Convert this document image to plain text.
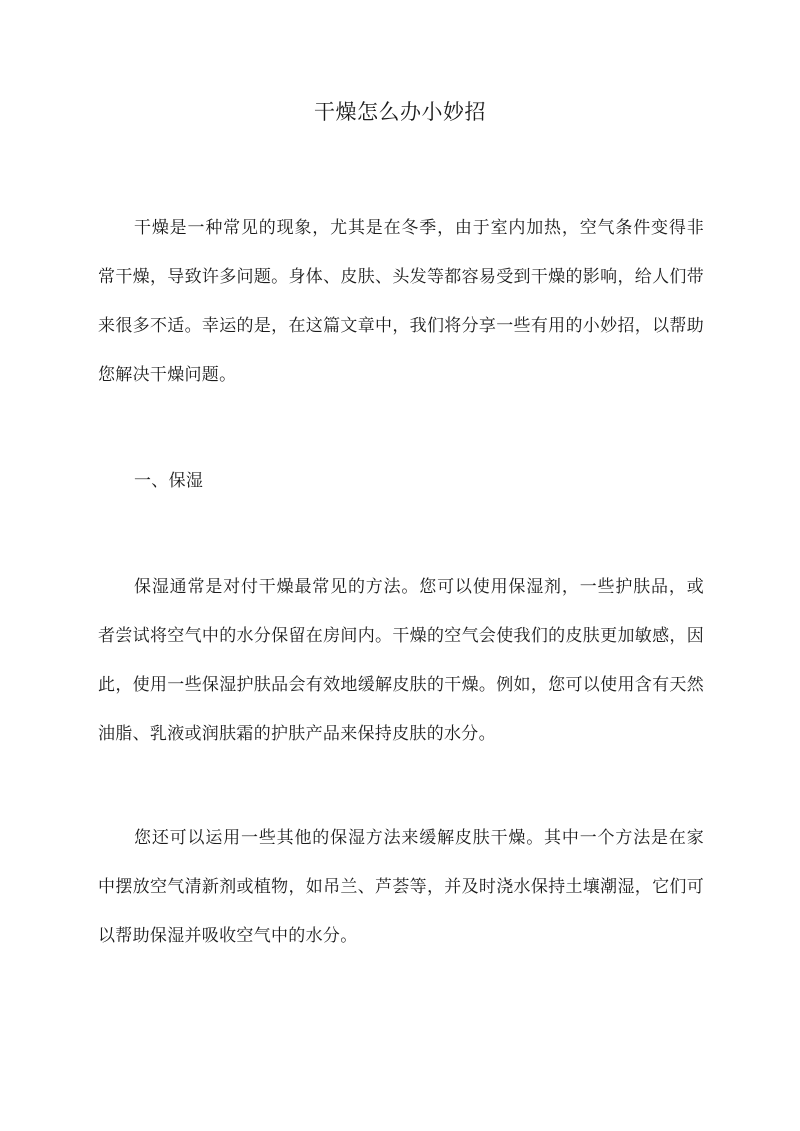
干燥怎么办小妙招

干燥是一种常见的现象，尤其是在冬季，由于室内加热，空气条件变得非常干燥，导致许多问题。身体、皮肤、头发等都容易受到干燥的影响，给人们带来很多不适。幸运的是，在这篇文章中，我们将分享一些有用的小妙招，以帮助您解决干燥问题。

一、保湿

保湿通常是对付干燥最常见的方法。您可以使用保湿剂，一些护肤品，或者尝试将空气中的水分保留在房间内。干燥的空气会使我们的皮肤更加敏感，因此，使用一些保湿护肤品会有效地缓解皮肤的干燥。例如，您可以使用含有天然油脂、乳液或润肤霜的护肤产品来保持皮肤的水分。

您还可以运用一些其他的保湿方法来缓解皮肤干燥。其中一个方法是在家中摆放空气清新剂或植物，如吊兰、芦荟等，并及时浇水保持土壤潮湿，它们可以帮助保湿并吸收空气中的水分。
